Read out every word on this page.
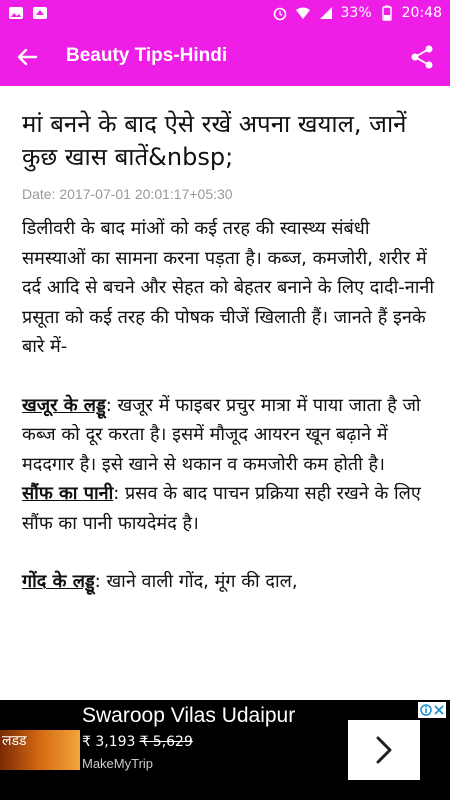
33% 20:48
Beauty Tips-Hindi
मां बनने के बाद ऐसे रखें अपना खयाल, जानें कुछ खास बातें&nbsp;
Date: 2017-07-01 20:01:17+05:30

डिलीवरी के बाद मांओं को कई तरह की स्वास्थ्य संबंधी समस्याओं का सामना करना पड़ता है। कब्ज, कमजोरी, शरीर में दर्द आदि से बचने और सेहत को बेहतर बनाने के लिए दादी-नानी प्रसूता को कई तरह की पोषक चीजें खिलाती हैं। जानते हैं इनके बारे में-

खजूर के लड्डू: खजूर में फाइबर प्रचुर मात्रा में पाया जाता है जो कब्ज को दूर करता है। इसमें मौजूद आयरन खून बढ़ाने में मददगार है। इसे खाने से थकान व कमजोरी कम होती है।

सौंफ का पानी: प्रसव के बाद पाचन प्रक्रिया सही रखने के लिए सौंफ का पानी फायदेमंद है।

गोंद के लड्डू: खाने वाली गोंद, मूंग की दाल,

लडड
Swaroop Vilas Udaipur
₹ 3,193 ₹ 5,629
MakeMyTrip
